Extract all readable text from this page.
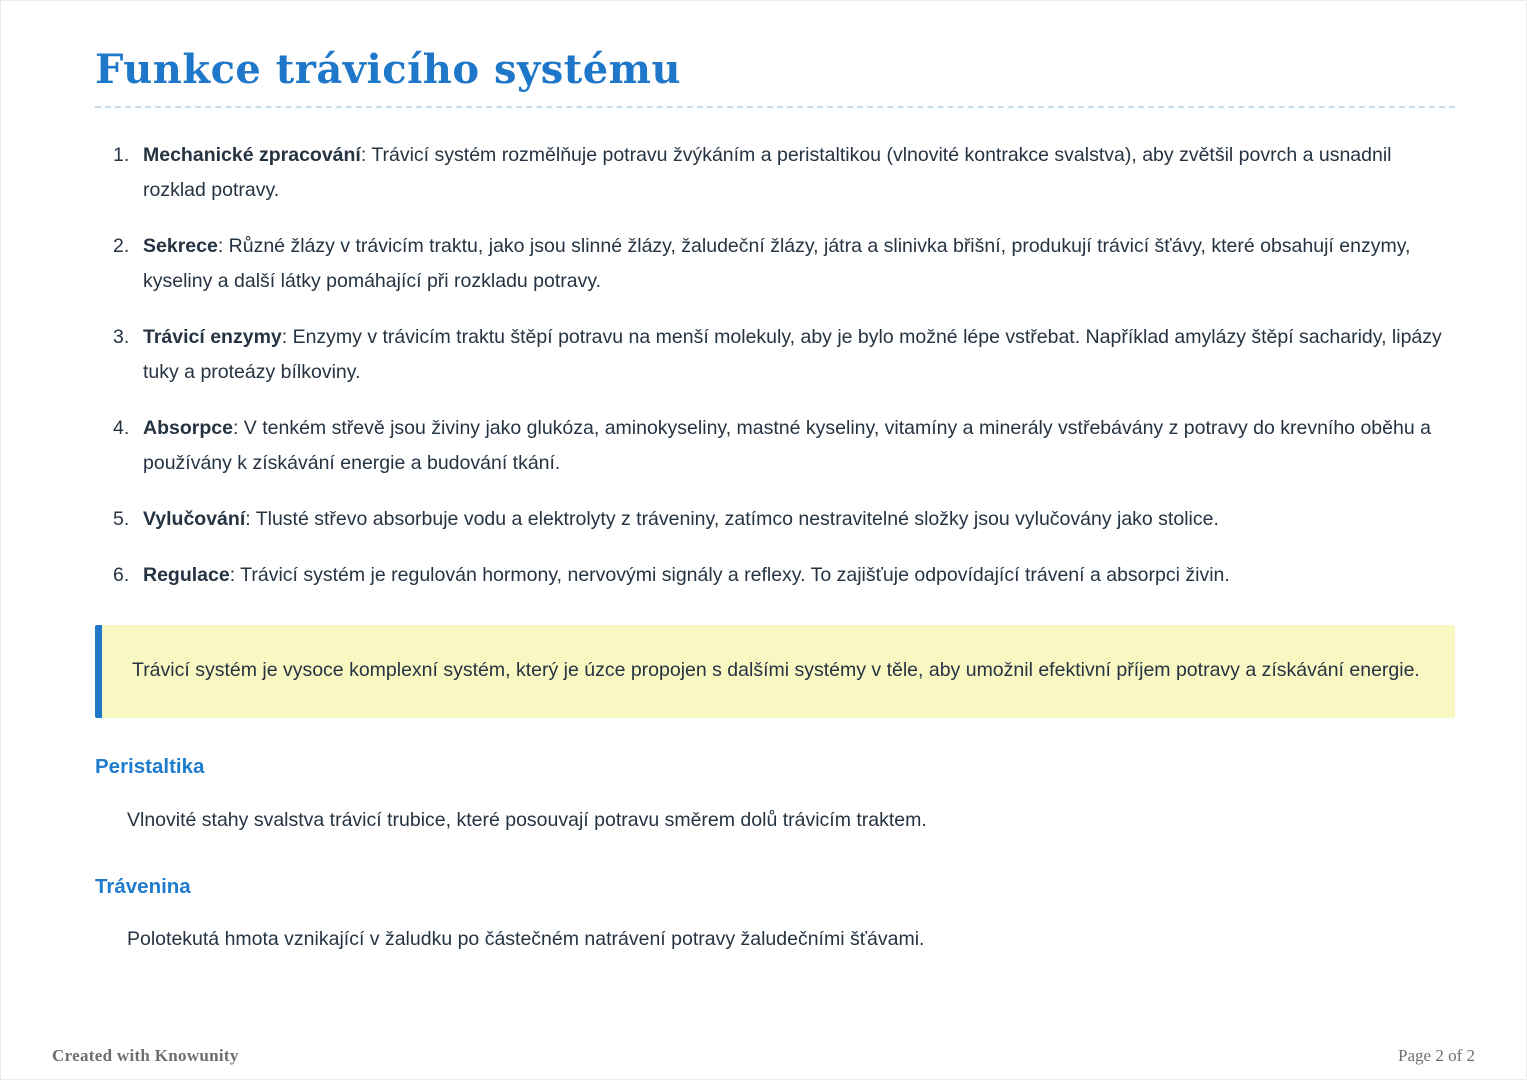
Funkce trávicího systému
1. Mechanické zpracování: Trávicí systém rozmělňuje potravu žvýkáním a peristaltikou (vlnovité kontrakce svalstva), aby zvětšil povrch a usnadnil rozklad potravy.
2. Sekrece: Různé žlázy v trávicím traktu, jako jsou slinné žlázy, žaludeční žlázy, játra a slinivka břišní, produkují trávicí šťávy, které obsahují enzymy, kyseliny a další látky pomáhající při rozkladu potravy.
3. Trávicí enzymy: Enzymy v trávicím traktu štěpí potravu na menší molekuly, aby je bylo možné lépe vstřebat. Například amylázy štěpí sacharidy, lipázy tuky a proteázy bílkoviny.
4. Absorpce: V tenkém střevě jsou živiny jako glukóza, aminokyseliny, mastné kyseliny, vitamíny a minerály vstřebávány z potravy do krevního oběhu a používány k získávání energie a budování tkání.
5. Vylučování: Tlusté střevo absorbuje vodu a elektrolyty z tráveniny, zatímco nestravitelné složky jsou vylučovány jako stolice.
6. Regulace: Trávicí systém je regulován hormony, nervovými signály a reflexy. To zajišťuje odpovídající trávení a absorpci živin.
Trávicí systém je vysoce komplexní systém, který je úzce propojen s dalšími systémy v těle, aby umožnil efektivní příjem potravy a získávání energie.
Peristaltika

Vlnovité stahy svalstva trávicí trubice, které posouvají potravu směrem dolů trávicím traktem.

Trávenina

Polotekutá hmota vznikající v žaludku po částečném natrávení potravy žaludečními šťávami.

Created with Knowunity	Page 2 of 2
